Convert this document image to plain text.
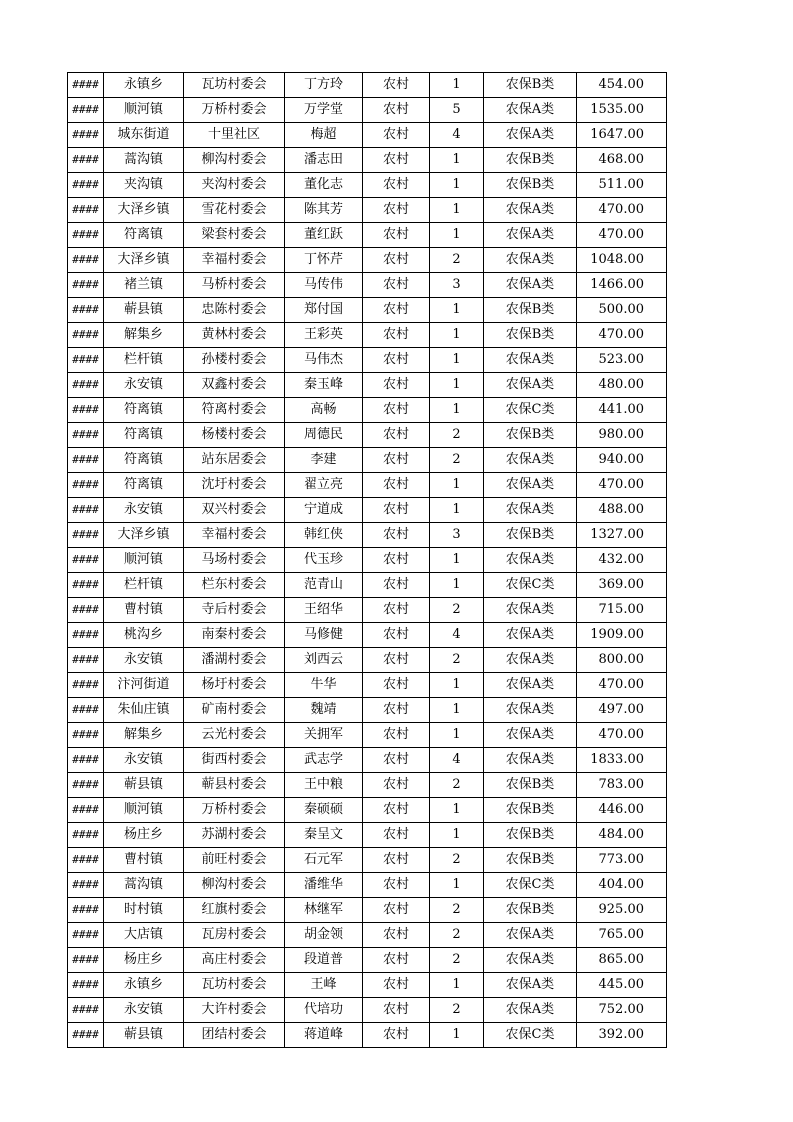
####	永镇乡	瓦坊村委会	丁方玲	农村	1	农保B类	454.00
####	顺河镇	万桥村委会	万学堂	农村	5	农保A类	1535.00
####	城东街道	十里社区	梅超	农村	4	农保A类	1647.00
####	蒿沟镇	柳沟村委会	潘志田	农村	1	农保B类	468.00
####	夹沟镇	夹沟村委会	董化志	农村	1	农保B类	511.00
####	大泽乡镇	雪花村委会	陈其芳	农村	1	农保A类	470.00
####	符离镇	梁套村委会	董红跃	农村	1	农保A类	470.00
####	大泽乡镇	幸福村委会	丁怀芹	农村	2	农保A类	1048.00
####	褚兰镇	马桥村委会	马传伟	农村	3	农保A类	1466.00
####	蕲县镇	忠陈村委会	郑付国	农村	1	农保B类	500.00
####	解集乡	黄林村委会	王彩英	农村	1	农保B类	470.00
####	栏杆镇	孙楼村委会	马伟杰	农村	1	农保A类	523.00
####	永安镇	双鑫村委会	秦玉峰	农村	1	农保A类	480.00
####	符离镇	符离村委会	高畅	农村	1	农保C类	441.00
####	符离镇	杨楼村委会	周德民	农村	2	农保B类	980.00
####	符离镇	站东居委会	李建	农村	2	农保A类	940.00
####	符离镇	沈圩村委会	翟立亮	农村	1	农保A类	470.00
####	永安镇	双兴村委会	宁道成	农村	1	农保A类	488.00
####	大泽乡镇	幸福村委会	韩红侠	农村	3	农保B类	1327.00
####	顺河镇	马场村委会	代玉珍	农村	1	农保A类	432.00
####	栏杆镇	栏东村委会	范青山	农村	1	农保C类	369.00
####	曹村镇	寺后村委会	王绍华	农村	2	农保A类	715.00
####	桃沟乡	南秦村委会	马修健	农村	4	农保A类	1909.00
####	永安镇	潘湖村委会	刘西云	农村	2	农保A类	800.00
####	汴河街道	杨圩村委会	牛华	农村	1	农保A类	470.00
####	朱仙庄镇	矿南村委会	魏靖	农村	1	农保A类	497.00
####	解集乡	云光村委会	关拥军	农村	1	农保A类	470.00
####	永安镇	街西村委会	武志学	农村	4	农保A类	1833.00
####	蕲县镇	蕲县村委会	王中粮	农村	2	农保B类	783.00
####	顺河镇	万桥村委会	秦硕硕	农村	1	农保B类	446.00
####	杨庄乡	苏湖村委会	秦呈文	农村	1	农保B类	484.00
####	曹村镇	前旺村委会	石元军	农村	2	农保B类	773.00
####	蒿沟镇	柳沟村委会	潘维华	农村	1	农保C类	404.00
####	时村镇	红旗村委会	林继军	农村	2	农保B类	925.00
####	大店镇	瓦房村委会	胡金领	农村	2	农保A类	765.00
####	杨庄乡	高庄村委会	段道普	农村	2	农保A类	865.00
####	永镇乡	瓦坊村委会	王峰	农村	1	农保A类	445.00
####	永安镇	大许村委会	代培功	农村	2	农保A类	752.00
####	蕲县镇	团结村委会	蒋道峰	农村	1	农保C类	392.00
